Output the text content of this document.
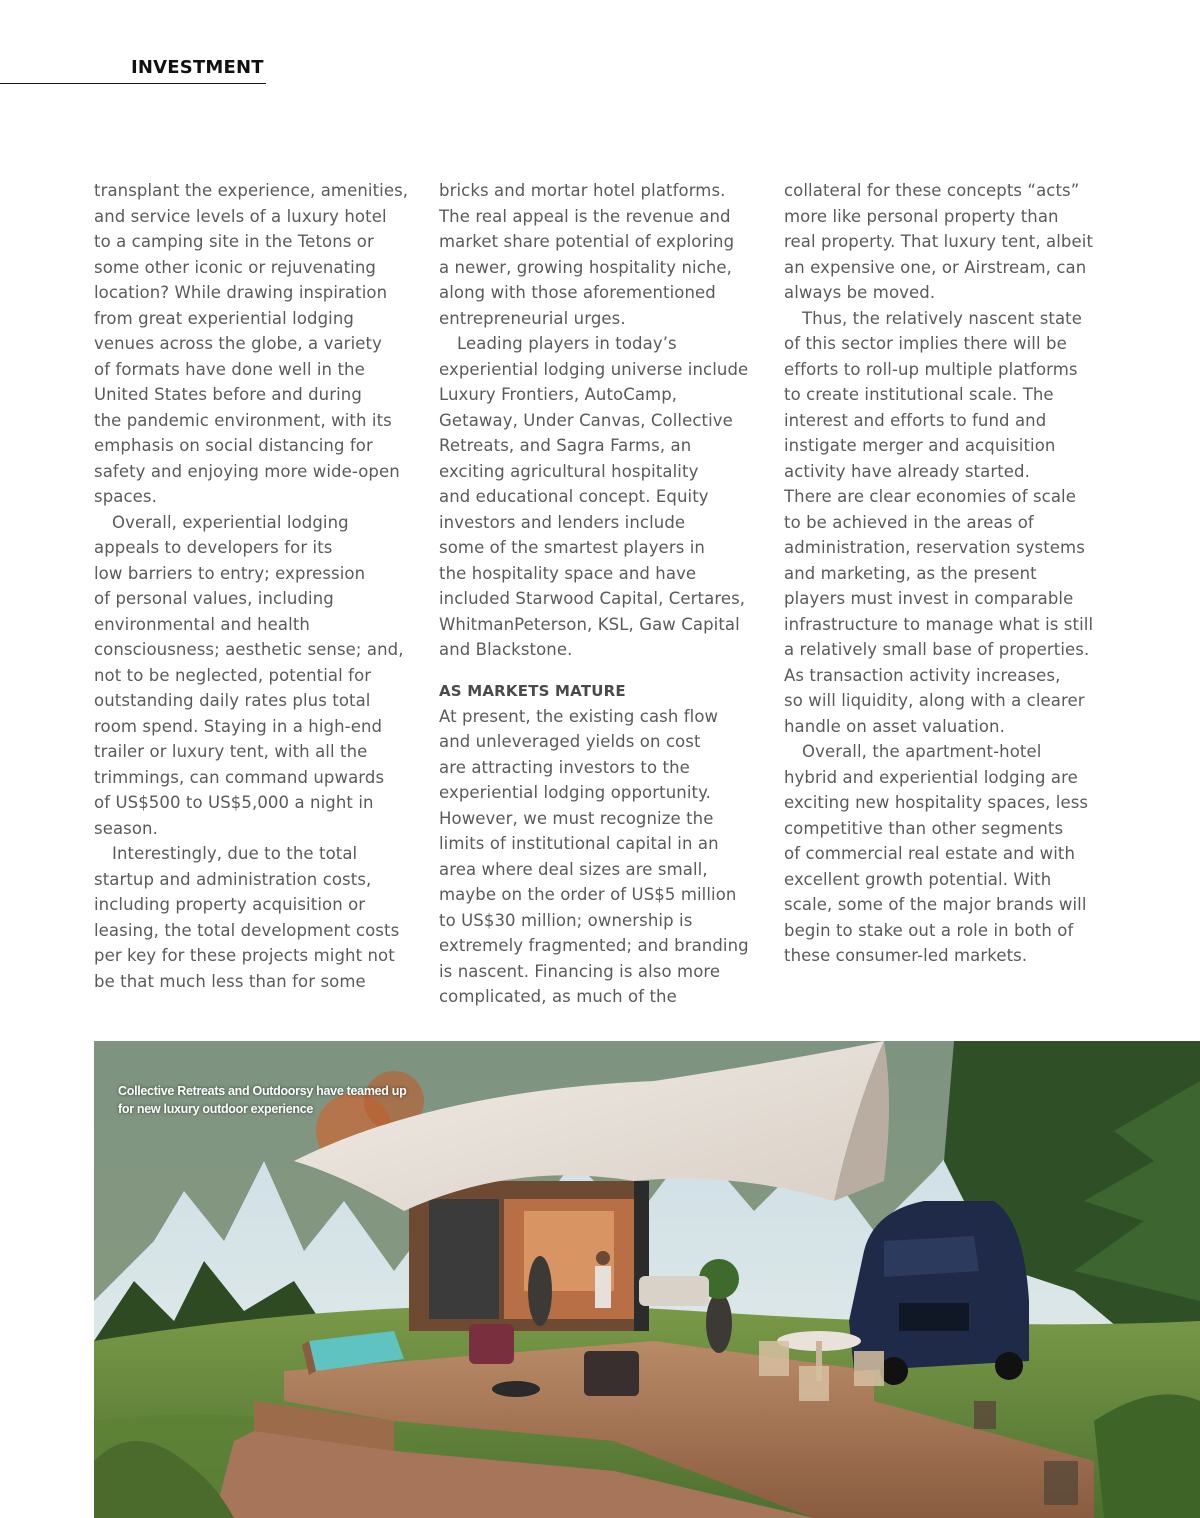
INVESTMENT
transplant the experience, amenities,
and service levels of a luxury hotel
to a camping site in the Tetons or
some other iconic or rejuvenating
location? While drawing inspiration
from great experiential lodging
venues across the globe, a variety
of formats have done well in the
United States before and during
the pandemic environment, with its
emphasis on social distancing for
safety and enjoying more wide-open
spaces.
Overall, experiential lodging
appeals to developers for its
low barriers to entry; expression
of personal values, including
environmental and health
consciousness; aesthetic sense; and,
not to be neglected, potential for
outstanding daily rates plus total
room spend. Staying in a high-end
trailer or luxury tent, with all the
trimmings, can command upwards
of US$500 to US$5,000 a night in
season.
Interestingly, due to the total
startup and administration costs,
including property acquisition or
leasing, the total development costs
per key for these projects might not
be that much less than for some
bricks and mortar hotel platforms.
The real appeal is the revenue and
market share potential of exploring
a newer, growing hospitality niche,
along with those aforementioned
entrepreneurial urges.
Leading players in today’s
experiential lodging universe include
Luxury Frontiers, AutoCamp,
Getaway, Under Canvas, Collective
Retreats, and Sagra Farms, an
exciting agricultural hospitality
and educational concept. Equity
investors and lenders include
some of the smartest players in
the hospitality space and have
included Starwood Capital, Certares,
WhitmanPeterson, KSL, Gaw Capital
and Blackstone.
AS MARKETS MATURE
At present, the existing cash flow
and unleveraged yields on cost
are attracting investors to the
experiential lodging opportunity.
However, we must recognize the
limits of institutional capital in an
area where deal sizes are small,
maybe on the order of US$5 million
to US$30 million; ownership is
extremely fragmented; and branding
is nascent. Financing is also more
complicated, as much of the
collateral for these concepts “acts”
more like personal property than
real property. That luxury tent, albeit
an expensive one, or Airstream, can
always be moved.
Thus, the relatively nascent state
of this sector implies there will be
efforts to roll-up multiple platforms
to create institutional scale. The
interest and efforts to fund and
instigate merger and acquisition
activity have already started.
There are clear economies of scale
to be achieved in the areas of
administration, reservation systems
and marketing, as the present
players must invest in comparable
infrastructure to manage what is still
a relatively small base of properties.
As transaction activity increases,
so will liquidity, along with a clearer
handle on asset valuation.
Overall, the apartment-hotel
hybrid and experiential lodging are
exciting new hospitality spaces, less
competitive than other segments
of commercial real estate and with
excellent growth potential. With
scale, some of the major brands will
begin to stake out a role in both of
these consumer-led markets.
Collective Retreats and Outdoorsy have teamed up
for new luxury outdoor experience
